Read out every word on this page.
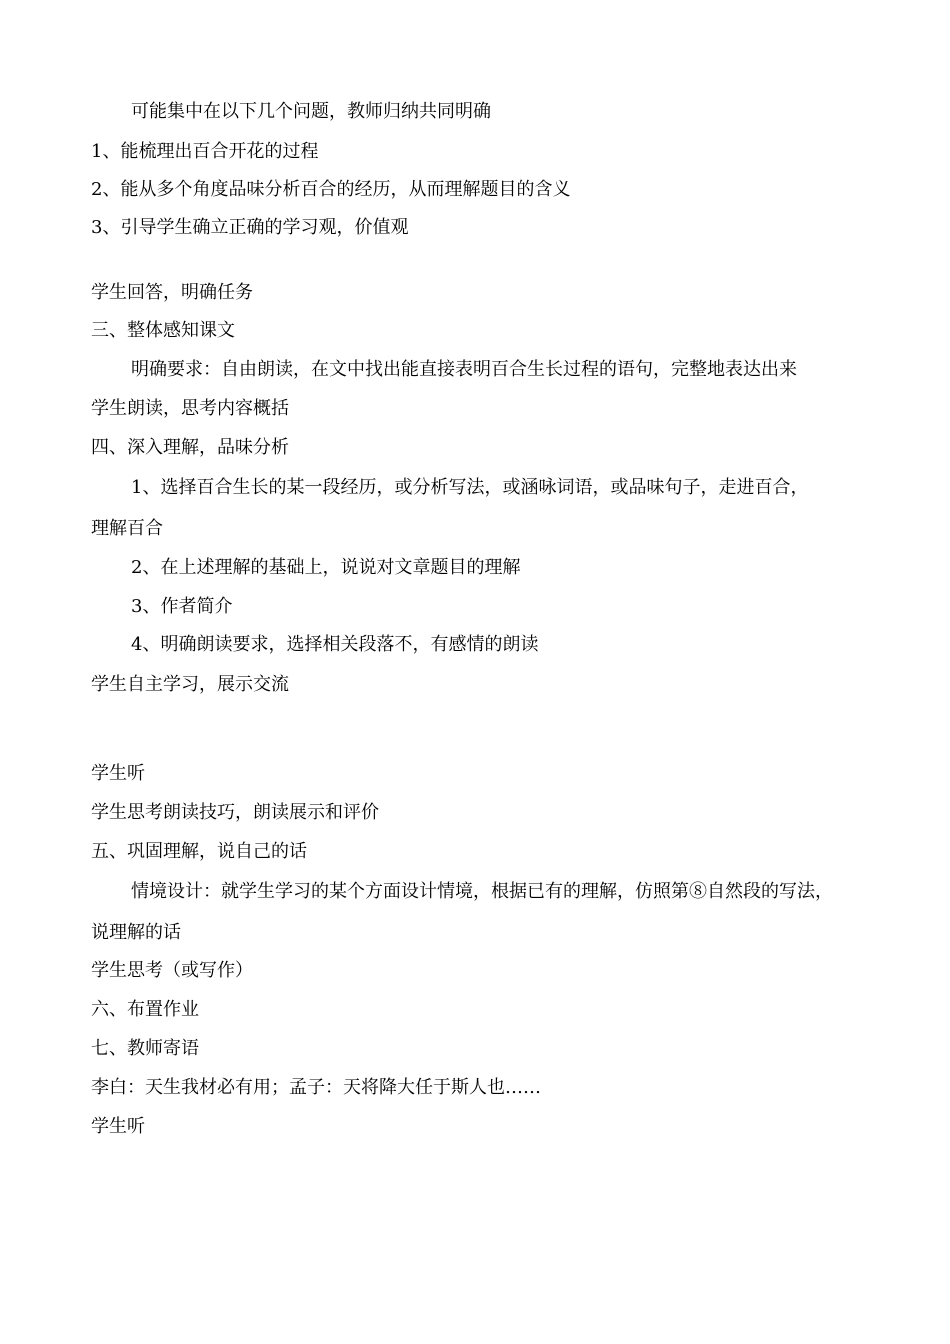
可能集中在以下几个问题，教师归纳共同明确
1、能梳理出百合开花的过程
2、能从多个角度品味分析百合的经历，从而理解题目的含义
3、引导学生确立正确的学习观，价值观
学生回答，明确任务
三、整体感知课文
明确要求：自由朗读，在文中找出能直接表明百合生长过程的语句，完整地表达出来
学生朗读，思考内容概括
四、深入理解，品味分析
1、选择百合生长的某一段经历，或分析写法，或涵咏词语，或品味句子，走进百合，
理解百合
2、在上述理解的基础上，说说对文章题目的理解
3、作者简介
4、明确朗读要求，选择相关段落不，有感情的朗读
学生自主学习，展示交流
学生听
学生思考朗读技巧，朗读展示和评价
五、巩固理解，说自己的话
情境设计：就学生学习的某个方面设计情境，根据已有的理解，仿照第⑧自然段的写法，
说理解的话
学生思考（或写作）
六、布置作业
七、教师寄语
李白：天生我材必有用；孟子：天将降大任于斯人也……
学生听
